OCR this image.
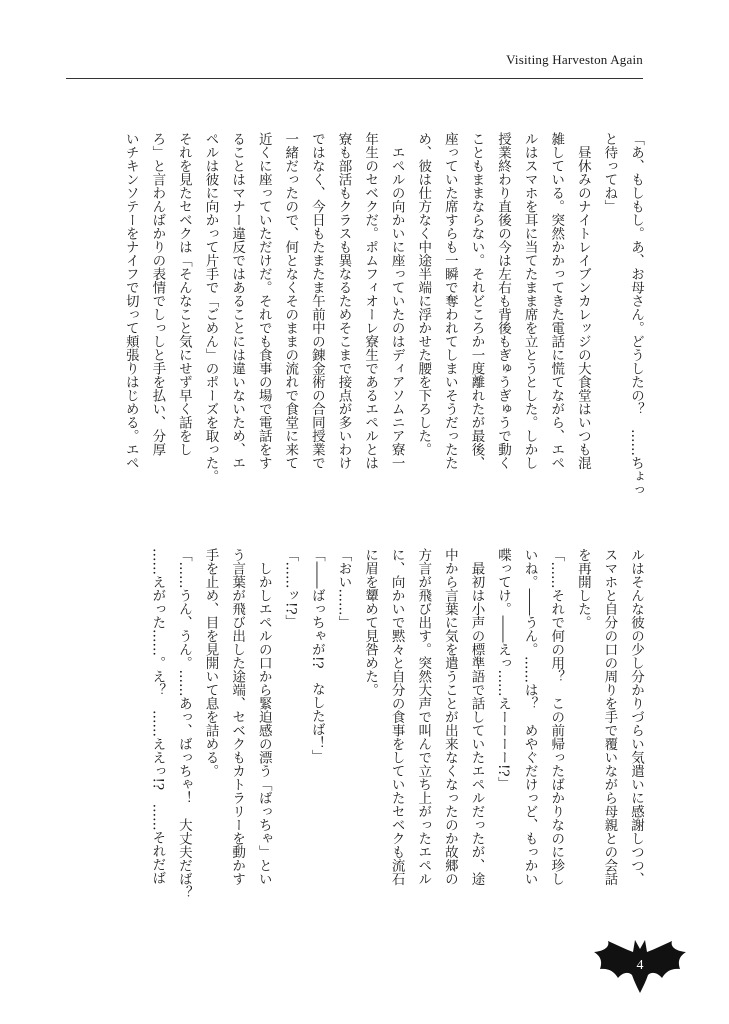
Visiting Harveston Again
「あ、もしもし。あ、お母さん。どうしたの？　……ちょっ
と待ってね」
　昼休みのナイトレイブンカレッジの大食堂はいつも混
雑している。突然かかってきた電話に慌てながら、エペ
ルはスマホを耳に当てたまま席を立とうとした。しかし
授業終わり直後の今は左右も背後もぎゅうぎゅうで動く
こともままならない。それどころか一度離れたが最後、
座っていた席すらも一瞬で奪われてしまいそうだったた
め、彼は仕方なく中途半端に浮かせた腰を下ろした。
　エペルの向かいに座っていたのはディアソムニア寮一
年生のセベクだ。ポムフィオーレ寮生であるエペルとは
寮も部活もクラスも異なるためそこまで接点が多いわけ
ではなく、今日もたまたま午前中の錬金術の合同授業で
一緒だったので、何となくそのままの流れで食堂に来て
近くに座っていただけだ。それでも食事の場で電話をす
ることはマナー違反ではあることには違いないため、エ
ペルは彼に向かって片手で「ごめん」のポーズを取った。
それを見たセベクは「そんなこと気にせず早く話をし
ろ」と言わんばかりの表情でしっしと手を払い、分厚
いチキンソテーをナイフで切って頬張りはじめる。エペ
ルはそんな彼の少し分かりづらい気遣いに感謝しつつ、
スマホと自分の口の周りを手で覆いながら母親との会話
を再開した。
「……それで何の用？　この前帰ったばかりなのに珍し
いね。――うん。……は？　めやぐだけっど、もっかい
喋ってけ。――えっ……えーーーー!?」
　最初は小声の標準語で話していたエペルだったが、途
中から言葉に気を遣うことが出来なくなったのか故郷の
方言が飛び出す。突然大声で叫んで立ち上がったエペル
に、向かいで黙々と自分の食事をしていたセベクも流石
に眉を顰めて見咎めた。
「おい……」
「――ばっちゃが!?　なしたば！」
「……ッ!?」
　しかしエペルの口から緊迫感の漂う「ばっちゃ」とい
う言葉が飛び出した途端、セベクもカトラリーを動かす
手を止め、目を見開いて息を詰める。
「……うん、うん。……あっ、ばっちゃ！　大丈夫だば？
……えがった……。え？　……ええっ!?　……それだば
4
